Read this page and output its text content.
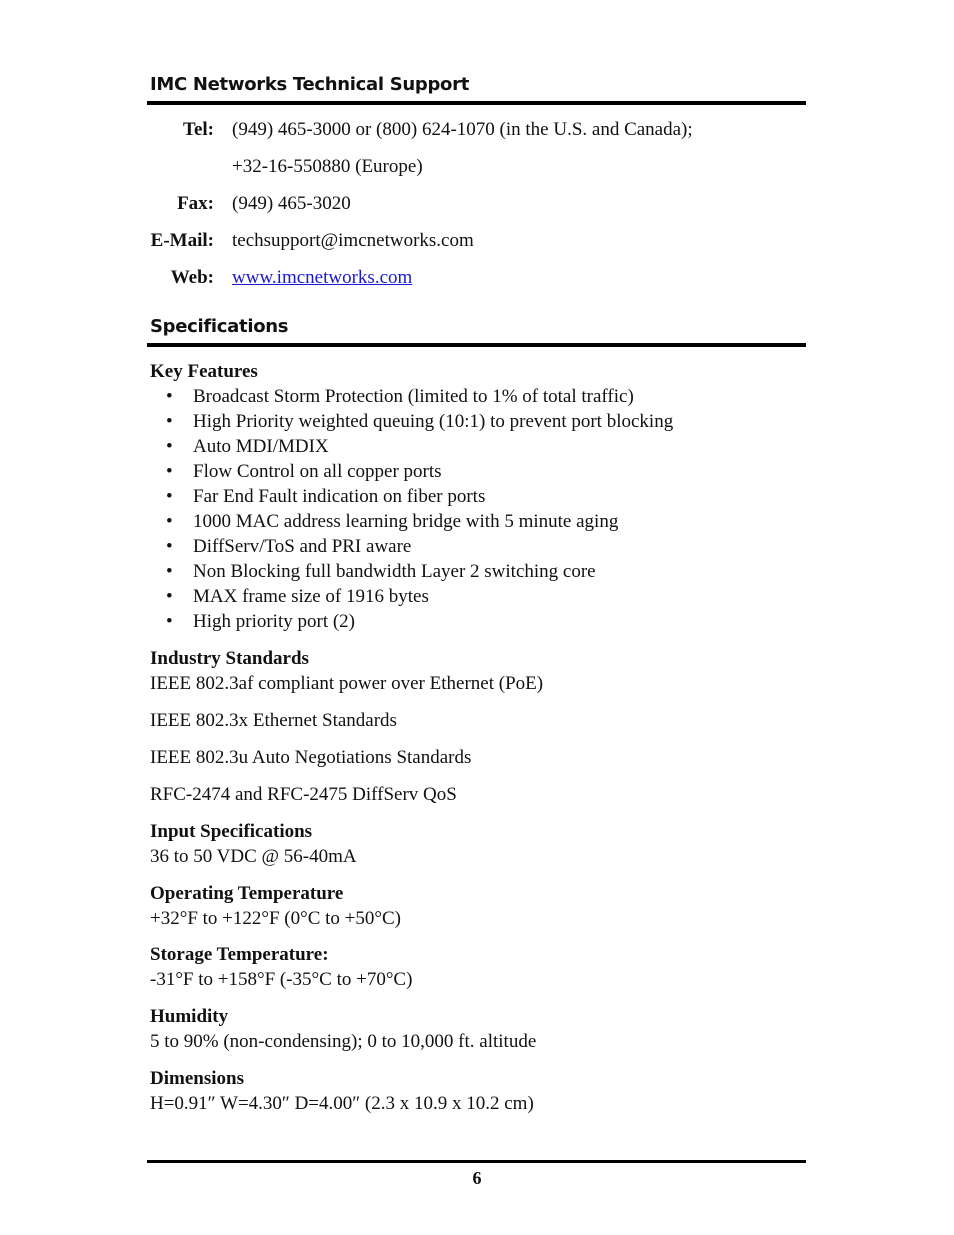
IMC Networks Technical Support
Tel: (949) 465-3000 or (800) 624-1070 (in the U.S. and Canada);
+32-16-550880 (Europe)
Fax: (949) 465-3020
E-Mail: techsupport@imcnetworks.com
Web: www.imcnetworks.com
Specifications
Key Features
• Broadcast Storm Protection (limited to 1% of total traffic)
• High Priority weighted queuing (10:1) to prevent port blocking
• Auto MDI/MDIX
• Flow Control on all copper ports
• Far End Fault indication on fiber ports
• 1000 MAC address learning bridge with 5 minute aging
• DiffServ/ToS and PRI aware
• Non Blocking full bandwidth Layer 2 switching core
• MAX frame size of 1916 bytes
• High priority port (2)
Industry Standards
IEEE 802.3af compliant power over Ethernet (PoE)
IEEE 802.3x Ethernet Standards
IEEE 802.3u Auto Negotiations Standards
RFC-2474 and RFC-2475 DiffServ QoS
Input Specifications
36 to 50 VDC @ 56-40mA
Operating Temperature
+32°F to +122°F (0°C to +50°C)
Storage Temperature:
-31°F to +158°F (-35°C to +70°C)
Humidity
5 to 90% (non-condensing); 0 to 10,000 ft. altitude
Dimensions
H=0.91″ W=4.30″ D=4.00″ (2.3 x 10.9 x 10.2 cm)
6
